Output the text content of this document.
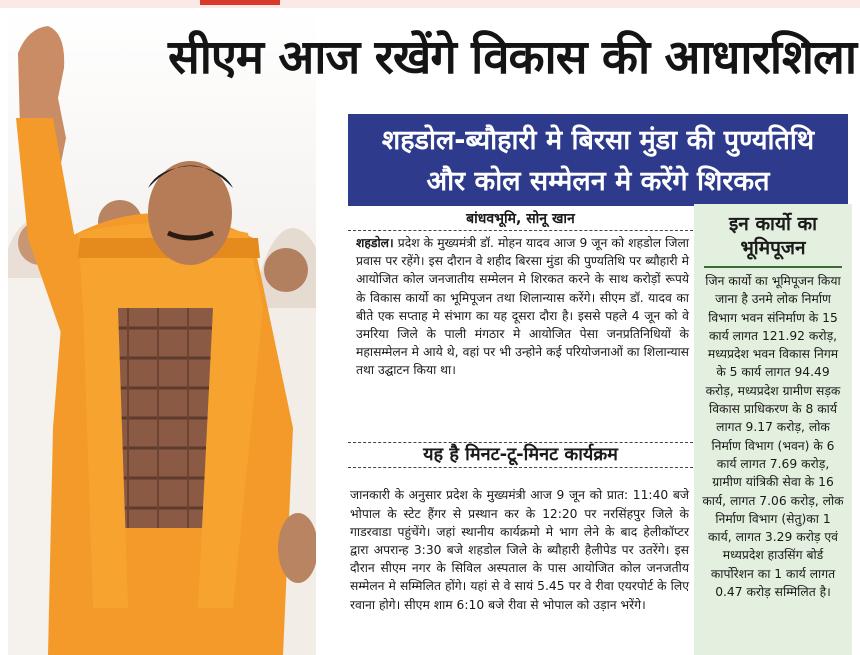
सीएम आज रखेंगे विकास की आधारशिला
शहडोल-ब्यौहारी मे बिरसा मुंडा की पुण्यतिथि
और कोल सम्मेलन मे करेंगे शिरकत
बांधवभूमि, सोनू खान

शहडोल। प्रदेश के मुख्यमंत्री डॉ. मोहन यादव आज 9 जून को शहडोल जिला प्रवास पर रहेंगे। इस दौरान वे शहीद बिरसा मुंडा की पुण्यतिथि पर ब्यौहारी मे आयोजित कोल जनजातीय सम्मेलन मे शिरकत करने के साथ करोड़ों रूपये के विकास कार्यो का भूमिपूजन तथा शिलान्यास करेंगे। सीएम डॉ. यादव का बीते एक सप्ताह मे संभाग का यह दूसरा दौरा है। इससे पहले 4 जून को वे उमरिया जिले के पाली मंगठार मे आयोजित पेसा जनप्रतिनिधियों के महासम्मेलन मे आये थे, वहां पर भी उन्होने कई परियोजनाओं का शिलान्यास तथा उद्घाटन किया था।

यह है मिनट-टू-मिनट कार्यक्रम

जानकारी के अनुसार प्रदेश के मुख्यमंत्री आज 9 जून को प्रात: 11:40 बजे भोपाल के स्टेट हैंगर से प्रस्थान कर के 12:20 पर नरसिंहपुर जिले के गाडरवाडा पहुंचेंगे। जहां स्थानीय कार्यक्रमो मे भाग लेने के बाद हेलीकॉप्टर द्वारा अपरान्ह 3:30 बजे शहडोल जिले के ब्यौहारी हैलीपेड पर उतरेंगे। इस दौरान सीएम नगर के सिविल अस्पताल के पास आयोजित कोल जनजतीय सम्मेलन मे सम्मिलित होंगे। यहां से वे सायं 5.45 पर वे रीवा एयरपोर्ट के लिए रवाना होगे। सीएम शाम 6:10 बजे रीवा से भोपाल को उड़ान भरेंगे।

इन कार्यो का
भूमिपूजन
जिन कार्यो का भूमिपूजन किया जाना है उनमे लोक निर्माण विभाग भवन संनिर्माण के 15 कार्य लागत 121.92 करोड़, मध्यप्रदेश भवन विकास निगम के 5 कार्य लागत 94.49 करोड़, मध्यप्रदेश ग्रामीण सड़क विकास प्राधिकरण के 8 कार्य लागत 9.17 करोड़, लोक निर्माण विभाग (भवन) के 6 कार्य लागत 7.69 करोड़, ग्रामीण यांत्रिकी सेवा के 16 कार्य, लागत 7.06 करोड़, लोक निर्माण विभाग (सेतु)का 1 कार्य, लागत 3.29 करोड़ एवं मध्यप्रदेश हाउसिंग बोर्ड कार्पोरेशन का 1 कार्य लागत 0.47 करोड़ सम्मिलित है।
